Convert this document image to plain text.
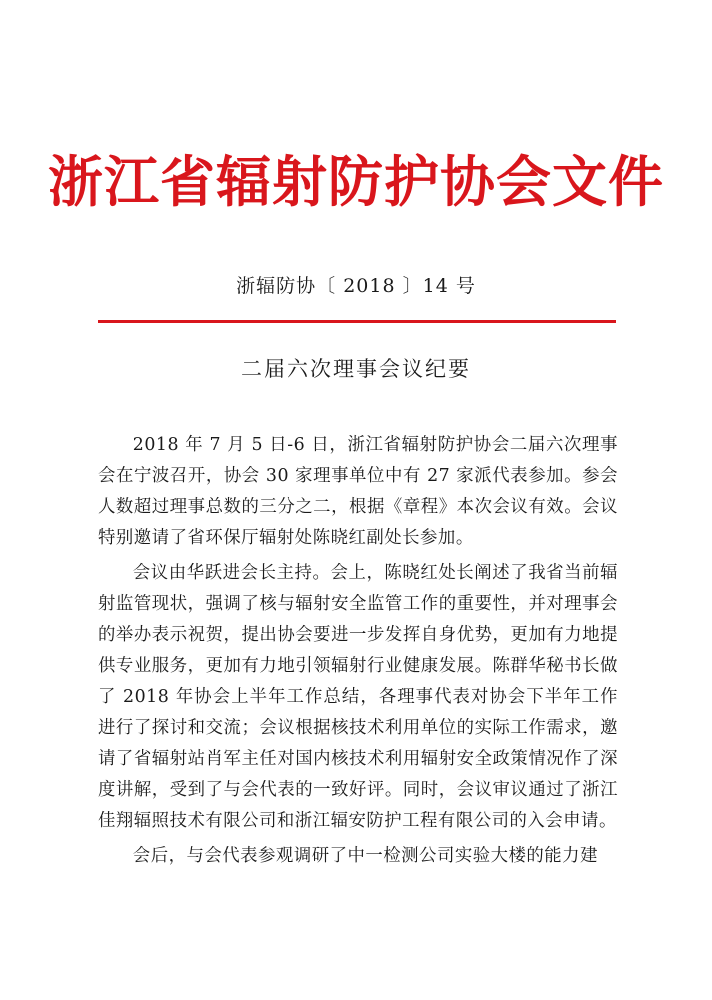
浙江省辐射防护协会文件
浙辐防协〔 2018 〕14 号
二届六次理事会议纪要

2018 年 7 月 5 日-6 日，浙江省辐射防护协会二届六次理事会在宁波召开，协会 30 家理事单位中有 27 家派代表参加。参会人数超过理事总数的三分之二，根据《章程》本次会议有效。会议特别邀请了省环保厅辐射处陈晓红副处长参加。

会议由华跃进会长主持。会上，陈晓红处长阐述了我省当前辐射监管现状，强调了核与辐射安全监管工作的重要性，并对理事会的举办表示祝贺，提出协会要进一步发挥自身优势，更加有力地提供专业服务，更加有力地引领辐射行业健康发展。陈群华秘书长做了 2018 年协会上半年工作总结，各理事代表对协会下半年工作进行了探讨和交流；会议根据核技术利用单位的实际工作需求，邀请了省辐射站肖军主任对国内核技术利用辐射安全政策情况作了深度讲解，受到了与会代表的一致好评。同时，会议审议通过了浙江佳翔辐照技术有限公司和浙江辐安防护工程有限公司的入会申请。

会后，与会代表参观调研了中一检测公司实验大楼的能力建
